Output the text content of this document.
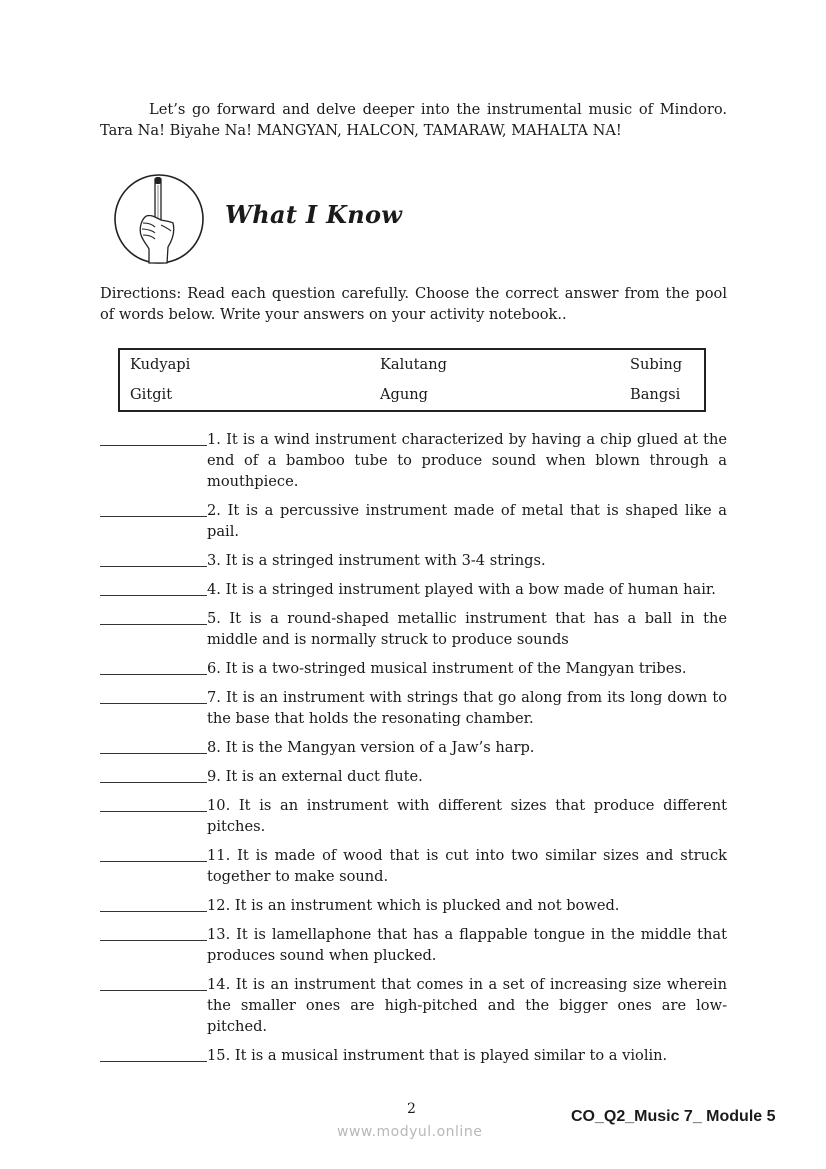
Let’s go forward and delve deeper into the instrumental music of Mindoro. Tara Na! Biyahe Na! MANGYAN, HALCON, TAMARAW, MAHALTA NA!

What I Know

Directions: Read each question carefully. Choose the correct answer from the pool of words below. Write your answers on your activity notebook..

Kudyapi	Kalutang	Subing
Gitgit	Agung	Bangsi
1. It is a wind instrument characterized by having a chip glued at the end of a bamboo tube to produce sound when blown through a mouthpiece.
2. It is a percussive instrument made of metal that is shaped like a pail.
3. It is a stringed instrument with 3-4 strings.
4. It is a stringed instrument played with a bow made of human hair.
5. It is a round-shaped metallic instrument that has a ball in the middle and is normally struck to produce sounds
6. It is a two-stringed musical instrument of the Mangyan tribes.
7. It is an instrument with strings that go along from its long down to the base that holds the resonating chamber.
8. It is the Mangyan version of a Jaw’s harp.
9. It is an external duct flute.
10. It is an instrument with different sizes that produce different pitches.
11. It is made of wood that is cut into two similar sizes and struck together to make sound.
12. It is an instrument which is plucked and not bowed.
13. It is lamellaphone that has a flappable tongue in the middle that produces sound when plucked.
14. It is an instrument that comes in a set of increasing size wherein the smaller ones are high-pitched and the bigger ones are low-pitched.
15. It is a musical instrument that is played similar to a violin.
2
www.modyul.online
CO_Q2_Music 7_ Module 5
